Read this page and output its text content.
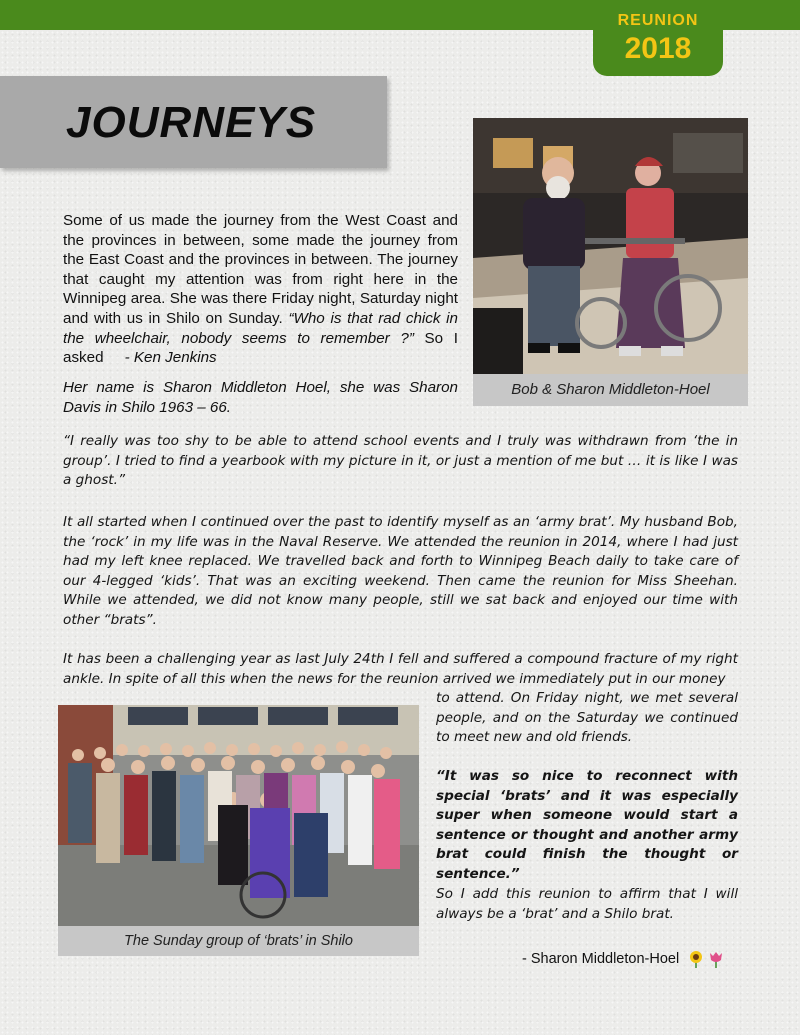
REUNION
2018
JOURNEYS

Some of us made the journey from the West Coast and the provinces in between, some made the journey from the East Coast and the provinces in between. The journey that caught my attention was from right here in the Winnipeg area. She was there Friday night, Saturday night and with us in Shilo on Sunday. “Who is that rad chick in the wheelchair, nobody seems to remember ?” So I asked - Ken Jenkins

Her name is Sharon Middleton Hoel, she was Sharon Davis in Shilo 1963 – 66.

Bob & Sharon Middleton-Hoel

“I really was too shy to be able to attend school events and I truly was withdrawn from ‘the in group’. I tried to find a yearbook with my picture in it, or just a mention of me but … it is like I was a ghost.”

It all started when I continued over the past to identify myself as an ‘army brat’. My husband Bob, the ‘rock’ in my life was in the Naval Reserve. We attended the reunion in 2014, where I had just had my left knee replaced. We travelled back and forth to Winnipeg Beach daily to take care of our 4-legged ‘kids’. That was an exciting weekend. Then came the reunion for Miss Sheehan. While we attended, we did not know many people, still we sat back and enjoyed our time with other “brats”.

It has been a challenging year as last July 24th I fell and suffered a compound fracture of my right ankle. In spite of all this when the news for the reunion arrived we immediately put in our money

The Sunday group of ‘brats’ in Shilo

to attend. On Friday night, we met several people, and on the Saturday we continued to meet new and old friends.

“It was so nice to reconnect with special ‘brats’ and it was especially super when someone would start a sentence or thought and another army brat could finish the thought or sentence.”

So I add this reunion to affirm that I will always be a ‘brat’ and a Shilo brat.

- Sharon Middleton-Hoel
